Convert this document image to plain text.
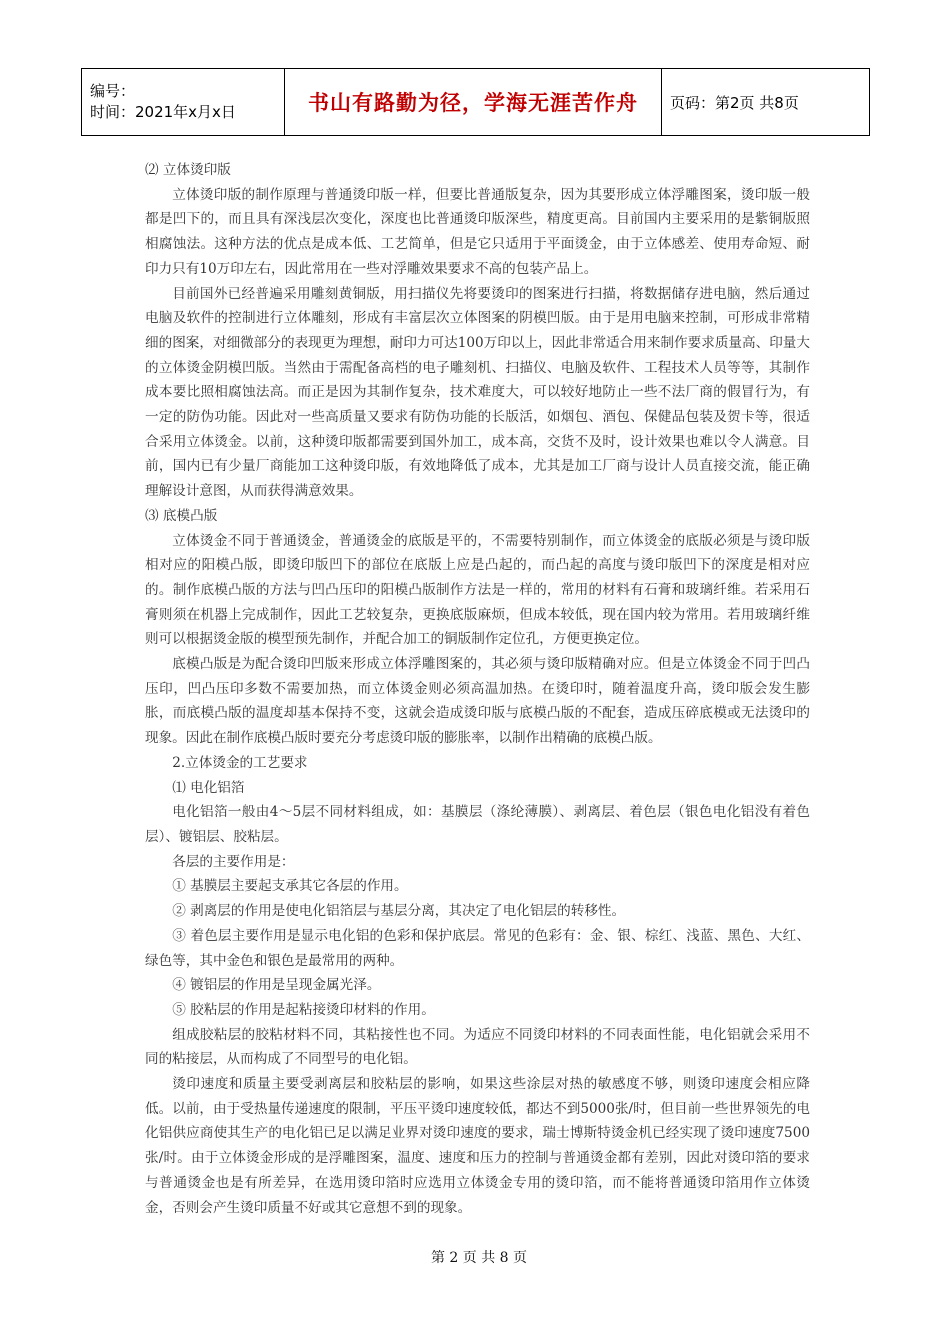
编号：
时间：2021年x月x日	书山有路勤为径，学海无涯苦作舟	页码：第2页 共8页

⑵ 立体烫印版

立体烫印版的制作原理与普通烫印版一样，但要比普通版复杂，因为其要形成立体浮雕图案，烫印版一般都是凹下的，而且具有深浅层次变化，深度也比普通烫印版深些，精度更高。目前国内主要采用的是紫铜版照相腐蚀法。这种方法的优点是成本低、工艺简单，但是它只适用于平面烫金，由于立体感差、使用寿命短、耐印力只有10万印左右，因此常用在一些对浮雕效果要求不高的包装产品上。

目前国外已经普遍采用雕刻黄铜版，用扫描仪先将要烫印的图案进行扫描，将数据储存进电脑，然后通过电脑及软件的控制进行立体雕刻，形成有丰富层次立体图案的阴模凹版。由于是用电脑来控制，可形成非常精细的图案，对细微部分的表现更为理想，耐印力可达100万印以上，因此非常适合用来制作要求质量高、印量大的立体烫金阴模凹版。当然由于需配备高档的电子雕刻机、扫描仪、电脑及软件、工程技术人员等等，其制作成本要比照相腐蚀法高。而正是因为其制作复杂，技术难度大，可以较好地防止一些不法厂商的假冒行为，有一定的防伪功能。因此对一些高质量又要求有防伪功能的长版活，如烟包、酒包、保健品包装及贺卡等，很适合采用立体烫金。以前，这种烫印版都需要到国外加工，成本高，交货不及时，设计效果也难以令人满意。目前，国内已有少量厂商能加工这种烫印版，有效地降低了成本，尤其是加工厂商与设计人员直接交流，能正确理解设计意图，从而获得满意效果。

⑶ 底模凸版

立体烫金不同于普通烫金，普通烫金的底版是平的，不需要特别制作，而立体烫金的底版必须是与烫印版相对应的阳模凸版，即烫印版凹下的部位在底版上应是凸起的，而凸起的高度与烫印版凹下的深度是相对应的。制作底模凸版的方法与凹凸压印的阳模凸版制作方法是一样的，常用的材料有石膏和玻璃纤维。若采用石膏则须在机器上完成制作，因此工艺较复杂，更换底版麻烦，但成本较低，现在国内较为常用。若用玻璃纤维则可以根据烫金版的模型预先制作，并配合加工的铜版制作定位孔，方便更换定位。

底模凸版是为配合烫印凹版来形成立体浮雕图案的，其必须与烫印版精确对应。但是立体烫金不同于凹凸压印，凹凸压印多数不需要加热，而立体烫金则必须高温加热。在烫印时，随着温度升高，烫印版会发生膨胀，而底模凸版的温度却基本保持不变，这就会造成烫印版与底模凸版的不配套，造成压碎底模或无法烫印的现象。因此在制作底模凸版时要充分考虑烫印版的膨胀率，以制作出精确的底模凸版。

2.立体烫金的工艺要求

⑴ 电化铝箔

电化铝箔一般由4～5层不同材料组成，如：基膜层（涤纶薄膜）、剥离层、着色层（银色电化铝没有着色层）、镀铝层、胶粘层。

各层的主要作用是：

① 基膜层主要起支承其它各层的作用。

② 剥离层的作用是使电化铝箔层与基层分离，其决定了电化铝层的转移性。

③ 着色层主要作用是显示电化铝的色彩和保护底层。常见的色彩有：金、银、棕红、浅蓝、黑色、大红、绿色等，其中金色和银色是最常用的两种。

④ 镀铝层的作用是呈现金属光泽。

⑤ 胶粘层的作用是起粘接烫印材料的作用。

组成胶粘层的胶粘材料不同，其粘接性也不同。为适应不同烫印材料的不同表面性能，电化铝就会采用不同的粘接层，从而构成了不同型号的电化铝。

烫印速度和质量主要受剥离层和胶粘层的影响，如果这些涂层对热的敏感度不够，则烫印速度会相应降低。以前，由于受热量传递速度的限制，平压平烫印速度较低，都达不到5000张/时，但目前一些世界领先的电化铝供应商使其生产的电化铝已足以满足业界对烫印速度的要求，瑞士博斯特烫金机已经实现了烫印速度7500张/时。由于立体烫金形成的是浮雕图案，温度、速度和压力的控制与普通烫金都有差别，因此对烫印箔的要求与普通烫金也是有所差异，在选用烫印箔时应选用立体烫金专用的烫印箔，而不能将普通烫印箔用作立体烫金，否则会产生烫印质量不好或其它意想不到的现象。

第 2 页 共 8 页
